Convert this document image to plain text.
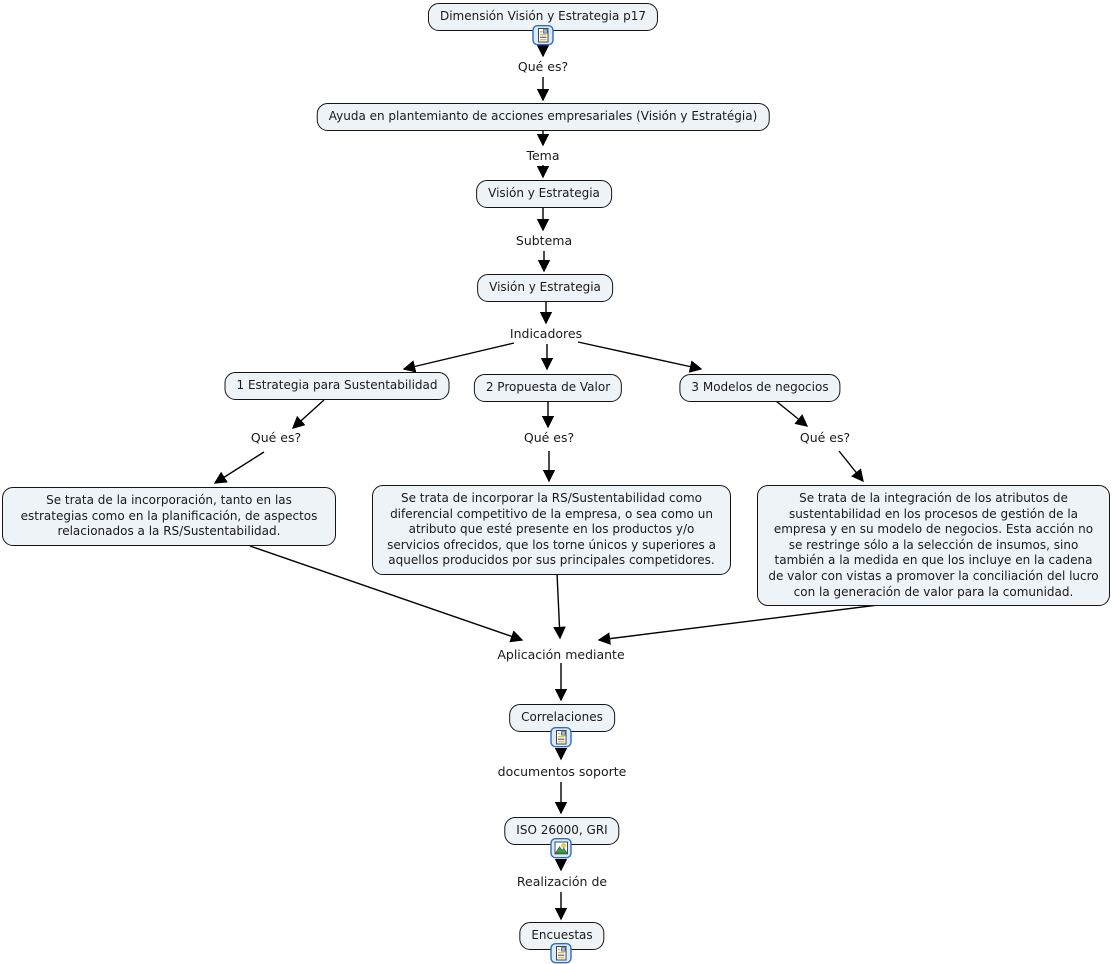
Dimensión Visión y Estrategia p17
Ayuda en plantemianto de acciones empresariales (Visión y Estratégia)
Visión y Estrategia
Visión y Estrategia
1 Estrategia para Sustentabilidad	2 Propuesta de Valor	3 Modelos de negocios
Se trata de la incorporación, tanto en las estrategias como en la planificación, de aspectos relacionados a la RS/Sustentabilidad.
Se trata de incorporar la RS/Sustentabilidad como diferencial competitivo de la empresa, o sea como un atributo que esté presente en los productos y/o servicios ofrecidos, que los torne únicos y superiores a aquellos producidos por sus principales competidores.
Se trata de la integración de los atributos de sustentabilidad en los procesos de gestión de la empresa y en su modelo de negocios. Esta acción no se restringe sólo a la selección de insumos, sino también a la medida en que los incluye en la cadena de valor con vistas a promover la conciliación del lucro con la generación de valor para la comunidad.
Correlaciones
ISO 26000, GRI
Encuestas
Qué es?
Tema
Subtema
Indicadores
Qué es?	Qué es?	Qué es?
Aplicación mediante
documentos soporte
Realización de
